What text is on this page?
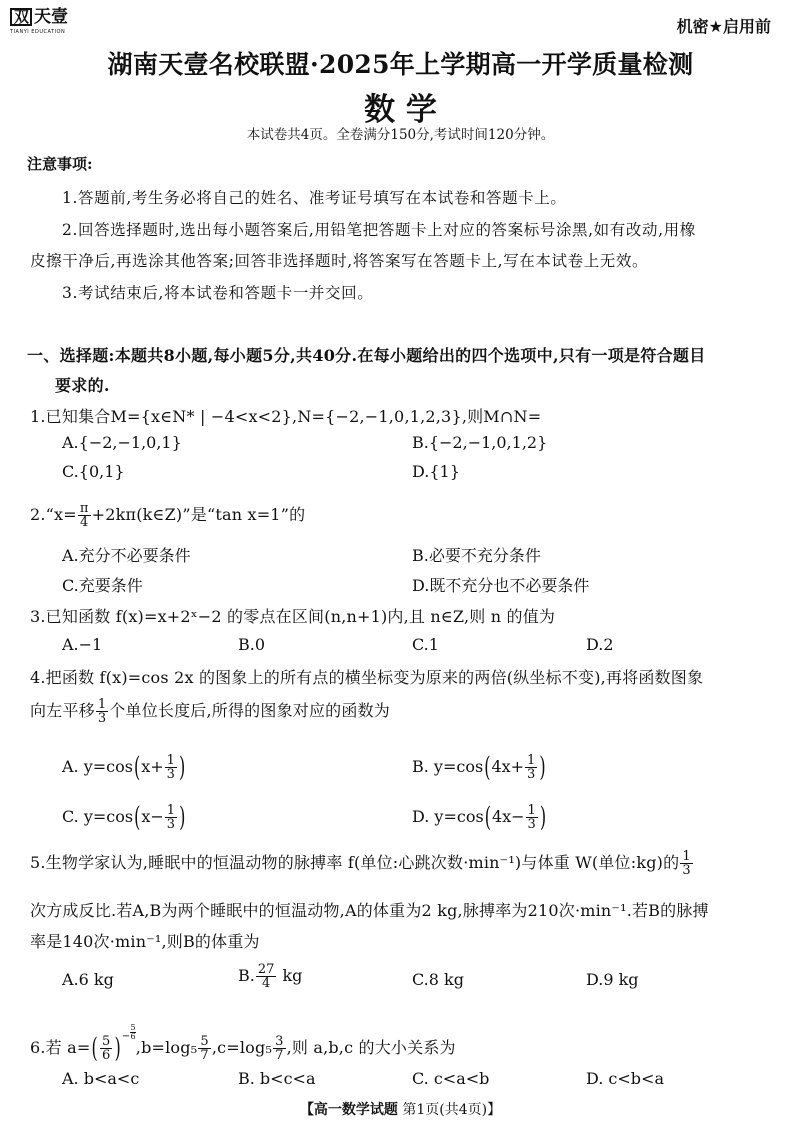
双 天壹
TIANYI EDUCATION	机密★启用前
湖南天壹名校联盟·2025年上学期高一开学质量检测
数 学
本试卷共4页。全卷满分150分,考试时间120分钟。
注意事项:
1.答题前,考生务必将自己的姓名、准考证号填写在本试卷和答题卡上。
2.回答选择题时,选出每小题答案后,用铅笔把答题卡上对应的答案标号涂黑,如有改动,用橡
皮擦干净后,再选涂其他答案;回答非选择题时,将答案写在答题卡上,写在本试卷上无效。
3.考试结束后,将本试卷和答题卡一并交回。
一、选择题:本题共8小题,每小题5分,共40分.在每小题给出的四个选项中,只有一项是符合题目
要求的.
1.已知集合M={x∈N* | −4<x<2},N={−2,−1,0,1,2,3},则M∩N=
A.{−2,−1,0,1}	B.{−2,−1,0,1,2}
C.{0,1}	D.{1}
2.“x= $\frac{\pi}{4}$ +2kπ(k∈Z)”是“tan x=1”的
A.充分不必要条件	B.必要不充分条件
C.充要条件	D.既不充分也不必要条件
3.已知函数 f(x)=x+2ˣ−2 的零点在区间(n,n+1)内,且 n∈Z,则 n 的值为
A.−1	B.0	C.1	D.2
4.把函数 f(x)=cos 2x 的图象上的所有点的横坐标变为原来的两倍(纵坐标不变),再将函数图象
向左平移 $\frac{1}{3}$ 个单位长度后,所得的图象对应的函数为
A. $y=\cos(x+ \frac{1}{3}$ )	B. $y=\cos(4x+ \frac{1}{3}$ )
C. $y=\cos(x- \frac{1}{3}$ )	D. $y=\cos(4x- \frac{1}{3}$ )
5.生物学家认为,睡眠中的恒温动物的脉搏率 f(单位:心跳次数·min⁻¹)与体重 W(单位:kg)的 $\frac{1}{3}$
次方成反比.若A,B为两个睡眠中的恒温动物,A的体重为2 kg,脉搏率为210次·min⁻¹.若B的脉搏
率是140次·min⁻¹,则B的体重为
A.6 kg	B. $\frac{27}{4}$ kg	C.8 kg	D.9 kg
6.若 $a=( \frac{5}{6} )^- \frac{5}{6},b=\log_5 \frac{5}{7} ,c=\log_5 \frac{3}{7}$ ,则 a,b,c 的大小关系为
A. b<a<c	B. b<c<a	C. c<a<b	D. c<b<a
【高一数学试题 第1页(共4页)】
